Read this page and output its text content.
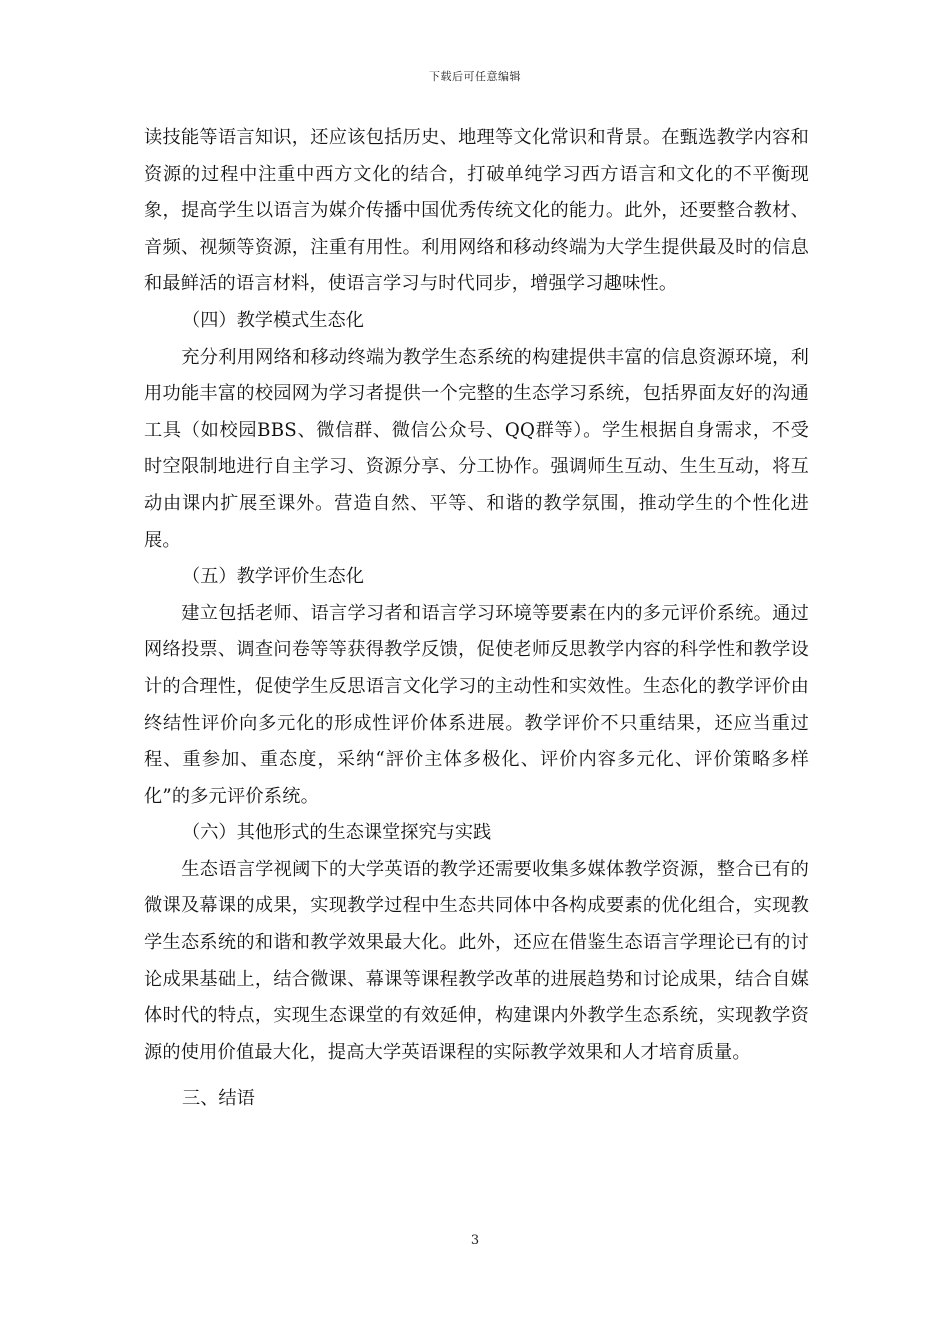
下载后可任意编辑

读技能等语言知识，还应该包括历史、地理等文化常识和背景。在甄选教学内容和资源的过程中注重中西方文化的结合，打破单纯学习西方语言和文化的不平衡现象，提高学生以语言为媒介传播中国优秀传统文化的能力。此外，还要整合教材、音频、视频等资源，注重有用性。利用网络和移动终端为大学生提供最及时的信息和最鲜活的语言材料，使语言学习与时代同步，增强学习趣味性。

（四）教学模式生态化

充分利用网络和移动终端为教学生态系统的构建提供丰富的信息资源环境，利用功能丰富的校园网为学习者提供一个完整的生态学习系统，包括界面友好的沟通工具（如校园BBS、微信群、微信公众号、QQ群等）。学生根据自身需求，不受时空限制地进行自主学习、资源分享、分工协作。强调师生互动、生生互动，将互动由课内扩展至课外。营造自然、平等、和谐的教学氛围，推动学生的个性化进展。

（五）教学评价生态化

建立包括老师、语言学习者和语言学习环境等要素在内的多元评价系统。通过网络投票、调查问卷等等获得教学反馈，促使老师反思教学内容的科学性和教学设计的合理性，促使学生反思语言文化学习的主动性和实效性。生态化的教学评价由终结性评价向多元化的形成性评价体系进展。教学评价不只重结果，还应当重过程、重参加、重态度，采纳“評价主体多极化、评价内容多元化、评价策略多样化”的多元评价系统。

（六）其他形式的生态课堂探究与实践

生态语言学视阈下的大学英语的教学还需要收集多媒体教学资源，整合已有的微课及幕课的成果，实现教学过程中生态共同体中各构成要素的优化组合，实现教学生态系统的和谐和教学效果最大化。此外，还应在借鉴生态语言学理论已有的讨论成果基础上，结合微课、幕课等课程教学改革的进展趋势和讨论成果，结合自媒体时代的特点，实现生态课堂的有效延伸，构建课内外教学生态系统，实现教学资源的使用价值最大化，提高大学英语课程的实际教学效果和人才培育质量。

三、结语

3
